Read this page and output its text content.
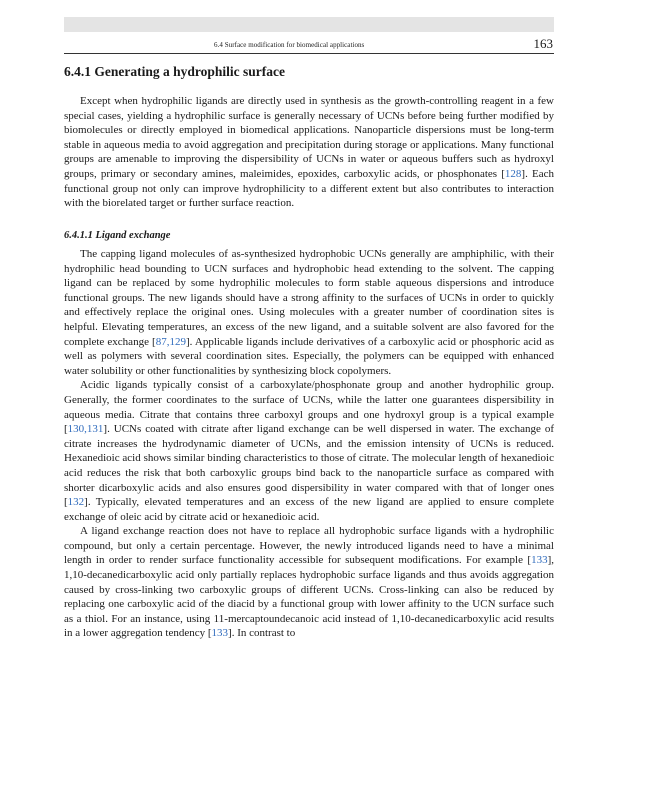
6.4 Surface modification for biomedical applications	163
6.4.1 Generating a hydrophilic surface

Except when hydrophilic ligands are directly used in synthesis as the growth-controlling reagent in a few special cases, yielding a hydrophilic surface is generally necessary of UCNs before being further modified by biomolecules or directly employed in biomedical applications. Nanoparticle dispersions must be long-term stable in aqueous media to avoid aggregation and precipitation during storage or applications. Many functional groups are amenable to improving the dispersibility of UCNs in water or aqueous buffers such as hydroxyl groups, primary or secondary amines, maleimides, epoxides, carboxylic acids, or phosphonates [128]. Each functional group not only can improve hydrophilicity to a different extent but also contributes to interaction with the biorelated target or further surface reaction.

6.4.1.1 Ligand exchange

The capping ligand molecules of as-synthesized hydrophobic UCNs generally are amphiphilic, with their hydrophilic head bounding to UCN surfaces and hydrophobic head extending to the solvent. The capping ligand can be replaced by some hydrophilic molecules to form stable aqueous dispersions and introduce functional groups. The new ligands should have a strong affinity to the surfaces of UCNs in order to quickly and effectively replace the original ones. Using molecules with a greater number of coordination sites is helpful. Elevating temperatures, an excess of the new ligand, and a suitable solvent are also favored for the complete exchange [87,129]. Applicable ligands include derivatives of a carboxylic acid or phosphoric acid as well as polymers with several coordination sites. Especially, the polymers can be equipped with enhanced water solubility or other functionalities by synthesizing block copolymers.

Acidic ligands typically consist of a carboxylate/phosphonate group and another hydrophilic group. Generally, the former coordinates to the surface of UCNs, while the latter one guarantees dispersibility in aqueous media. Citrate that contains three carboxyl groups and one hydroxyl group is a typical example [130,131]. UCNs coated with citrate after ligand exchange can be well dispersed in water. The exchange of citrate increases the hydrodynamic diameter of UCNs, and the emission intensity of UCNs is reduced. Hexanedioic acid shows similar binding characteristics to those of citrate. The molecular length of hexanedioic acid reduces the risk that both carboxylic groups bind back to the nanoparticle surface as compared with shorter dicarboxylic acids and also ensures good dispersibility in water compared with that of longer ones [132]. Typically, elevated temperatures and an excess of the new ligand are applied to ensure complete exchange of oleic acid by citrate acid or hexanedioic acid.

A ligand exchange reaction does not have to replace all hydrophobic surface ligands with a hydrophilic compound, but only a certain percentage. However, the newly introduced ligands need to have a minimal length in order to render surface functionality accessible for subsequent modifications. For example [133], 1,10-decanedicarboxylic acid only partially replaces hydrophobic surface ligands and thus avoids aggregation caused by cross-linking two carboxylic groups of different UCNs. Cross-linking can also be reduced by replacing one carboxylic acid of the diacid by a functional group with lower affinity to the UCN surface such as a thiol. For an instance, using 11-mercaptoundecanoic acid instead of 1,10-decanedicarboxylic acid results in a lower aggregation tendency [133]. In contrast to
